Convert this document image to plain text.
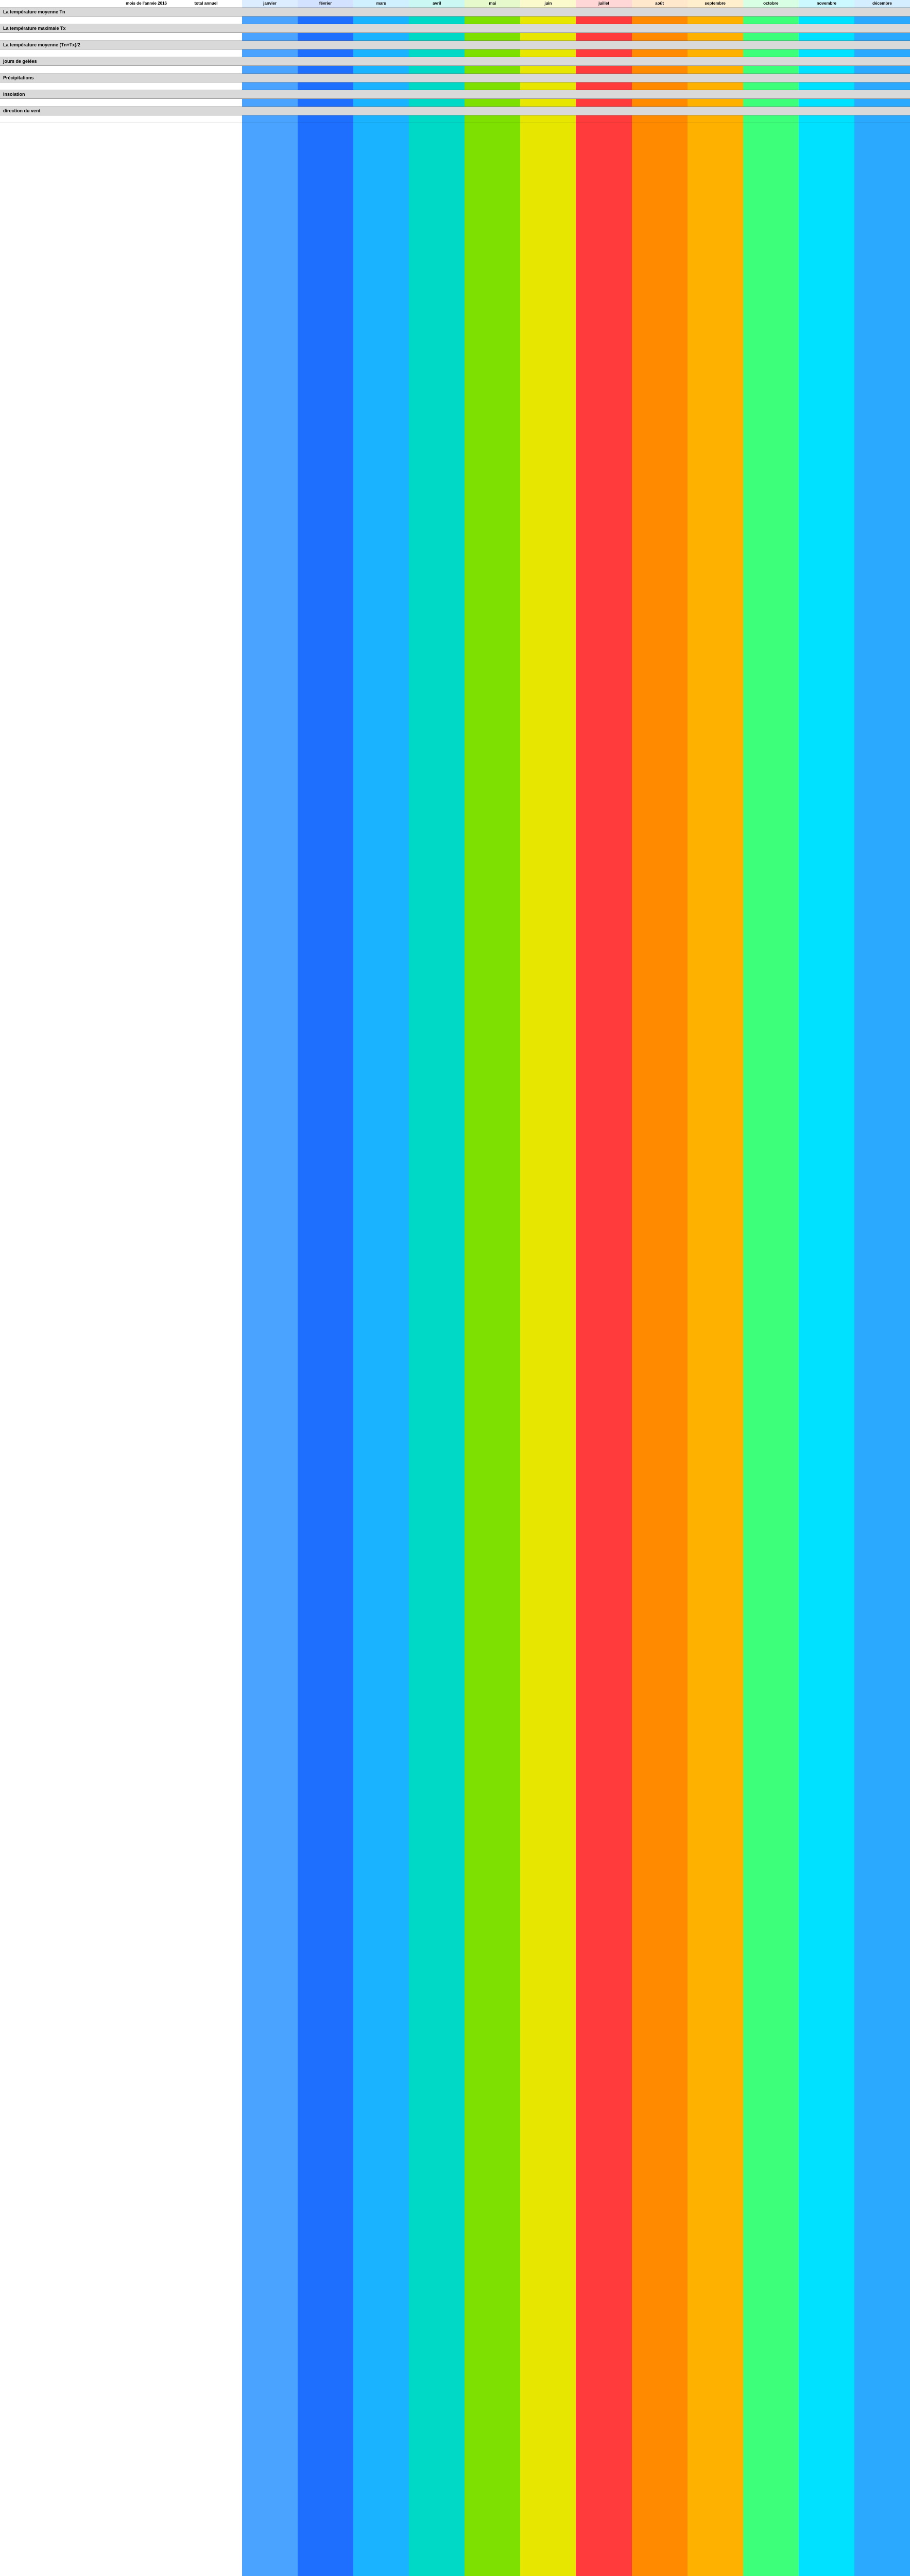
mois de l'année 2016	total annuel	janvier	février	mars	avril	mai	juin	juillet	août	septembre	octobre	novembre	décembre
La température moyenne Tn
La température maximale Tx
La température moyenne (Tn+Tx)/2
jours de gelées
Précipitations
Insolation
direction du vent
